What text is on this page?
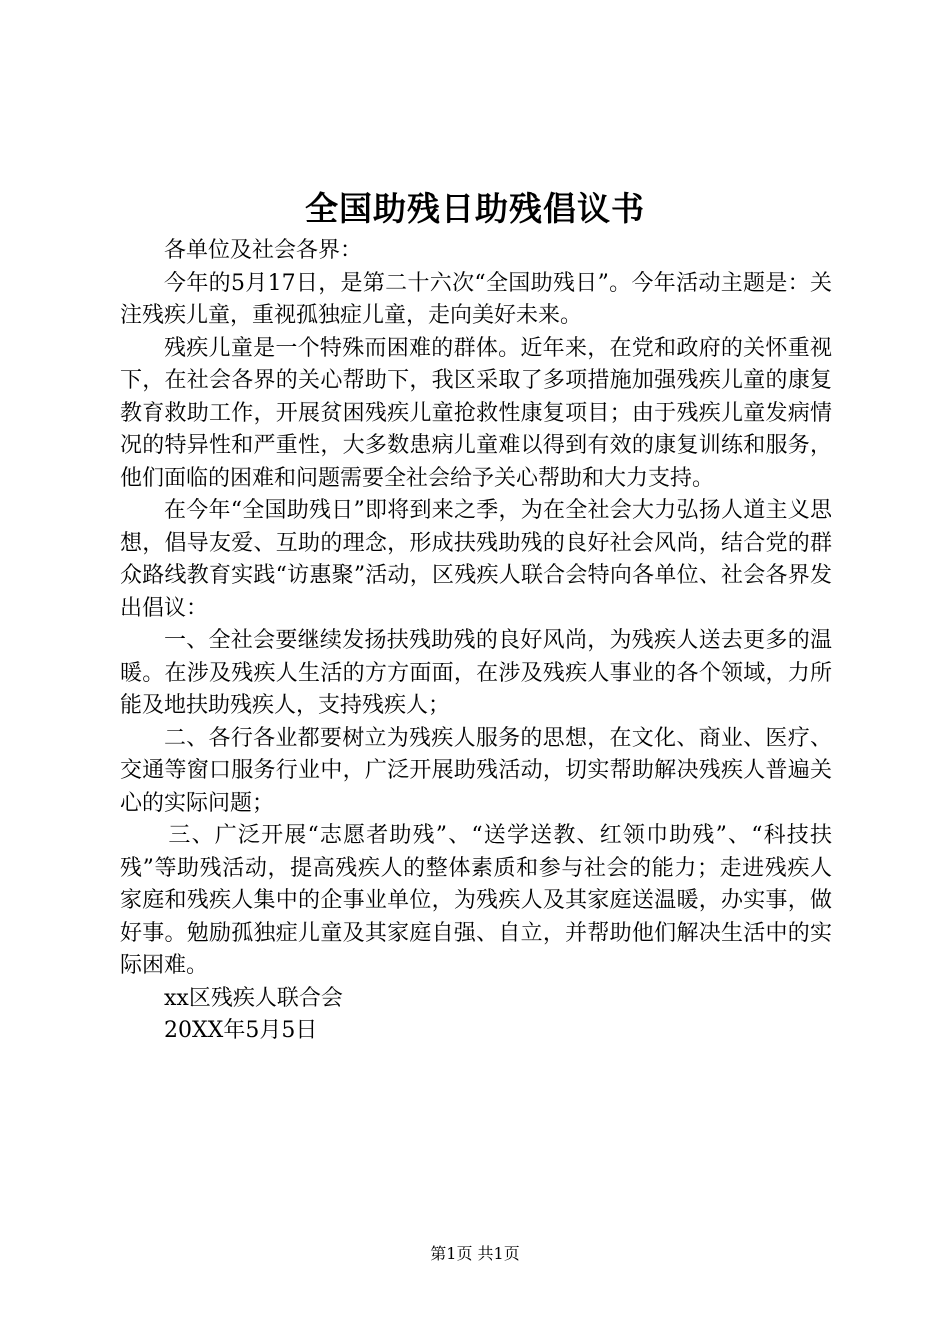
全国助残日助残倡议书

各单位及社会各界：

今年的5月17日，是第二十六次“全国助残日”。今年活动主题是：关注残疾儿童，重视孤独症儿童，走向美好未来。

残疾儿童是一个特殊而困难的群体。近年来，在党和政府的关怀重视下，在社会各界的关心帮助下，我区采取了多项措施加强残疾儿童的康复教育救助工作，开展贫困残疾儿童抢救性康复项目；由于残疾儿童发病情况的特异性和严重性，大多数患病儿童难以得到有效的康复训练和服务，他们面临的困难和问题需要全社会给予关心帮助和大力支持。

在今年“全国助残日”即将到来之季，为在全社会大力弘扬人道主义思想，倡导友爱、互助的理念，形成扶残助残的良好社会风尚，结合党的群众路线教育实践“访惠聚”活动，区残疾人联合会特向各单位、社会各界发出倡议：

一、全社会要继续发扬扶残助残的良好风尚，为残疾人送去更多的温暖。在涉及残疾人生活的方方面面，在涉及残疾人事业的各个领域，力所能及地扶助残疾人，支持残疾人；

二、各行各业都要树立为残疾人服务的思想，在文化、商业、医疗、交通等窗口服务行业中，广泛开展助残活动，切实帮助解决残疾人普遍关心的实际问题；

三、广泛开展“志愿者助残”、“送学送教、红领巾助残”、“科技扶残”等助残活动，提高残疾人的整体素质和参与社会的能力；走进残疾人家庭和残疾人集中的企事业单位，为残疾人及其家庭送温暖，办实事，做好事。勉励孤独症儿童及其家庭自强、自立，并帮助他们解决生活中的实际困难。

xx区残疾人联合会

20XX年5月5日

第1页 共1页
